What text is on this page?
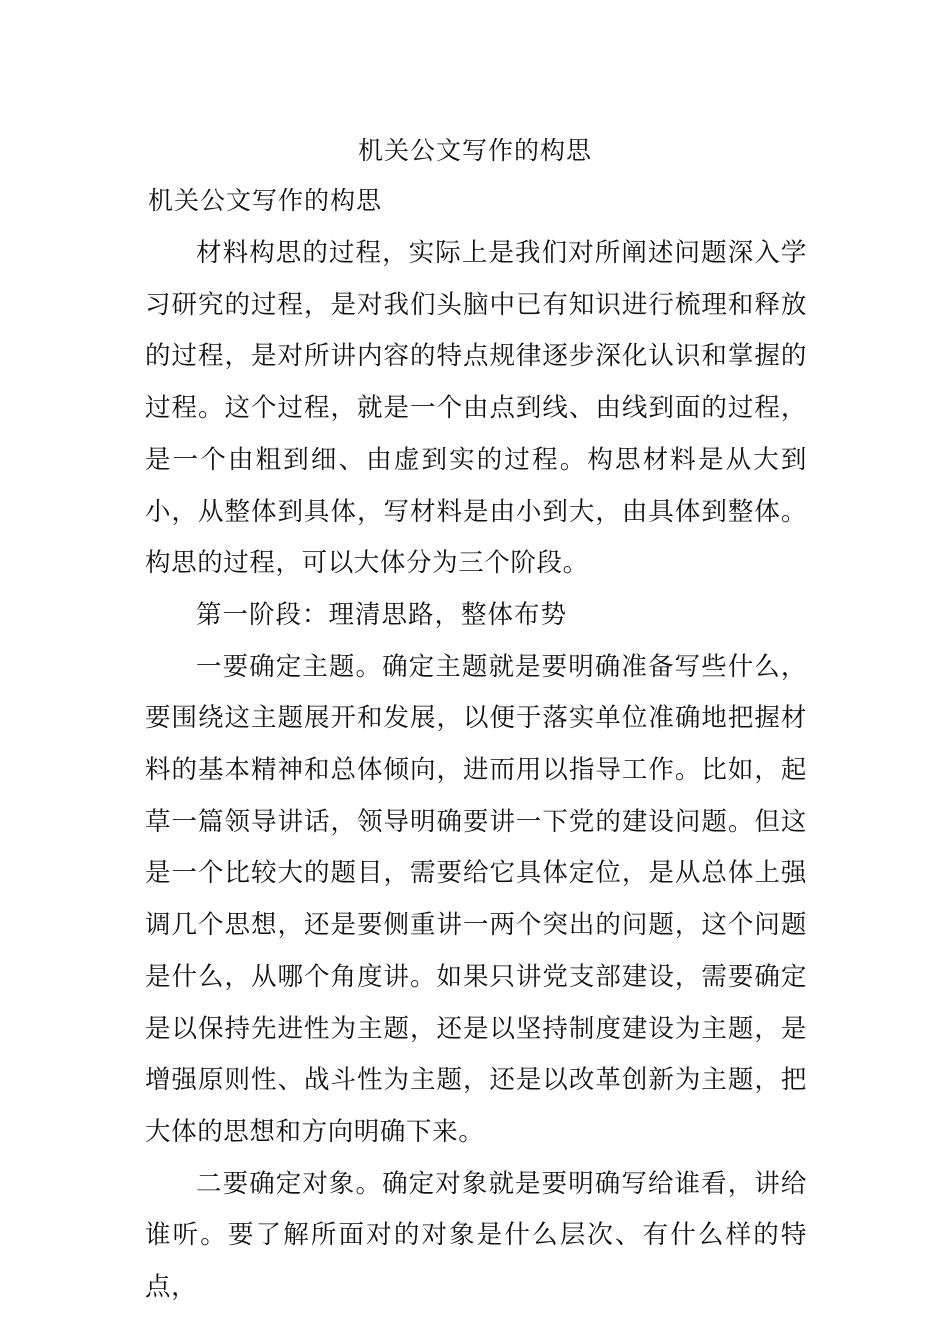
机关公文写作的构思
机关公文写作的构思

材料构思的过程，实际上是我们对所阐述问题深入学习研究的过程，是对我们头脑中已有知识进行梳理和释放的过程，是对所讲内容的特点规律逐步深化认识和掌握的过程。这个过程，就是一个由点到线、由线到面的过程，是一个由粗到细、由虚到实的过程。构思材料是从大到小，从整体到具体，写材料是由小到大，由具体到整体。构思的过程，可以大体分为三个阶段。

第一阶段：理清思路，整体布势

一要确定主题。确定主题就是要明确准备写些什么，要围绕这主题展开和发展，以便于落实单位准确地把握材料的基本精神和总体倾向，进而用以指导工作。比如，起草一篇领导讲话，领导明确要讲一下党的建设问题。但这是一个比较大的题目，需要给它具体定位，是从总体上强调几个思想，还是要侧重讲一两个突出的问题，这个问题是什么，从哪个角度讲。如果只讲党支部建设，需要确定是以保持先进性为主题，还是以坚持制度建设为主题，是增强原则性、战斗性为主题，还是以改革创新为主题，把大体的思想和方向明确下来。

二要确定对象。确定对象就是要明确写给谁看，讲给谁听。要了解所面对的对象是什么层次、有什么样的特点，
